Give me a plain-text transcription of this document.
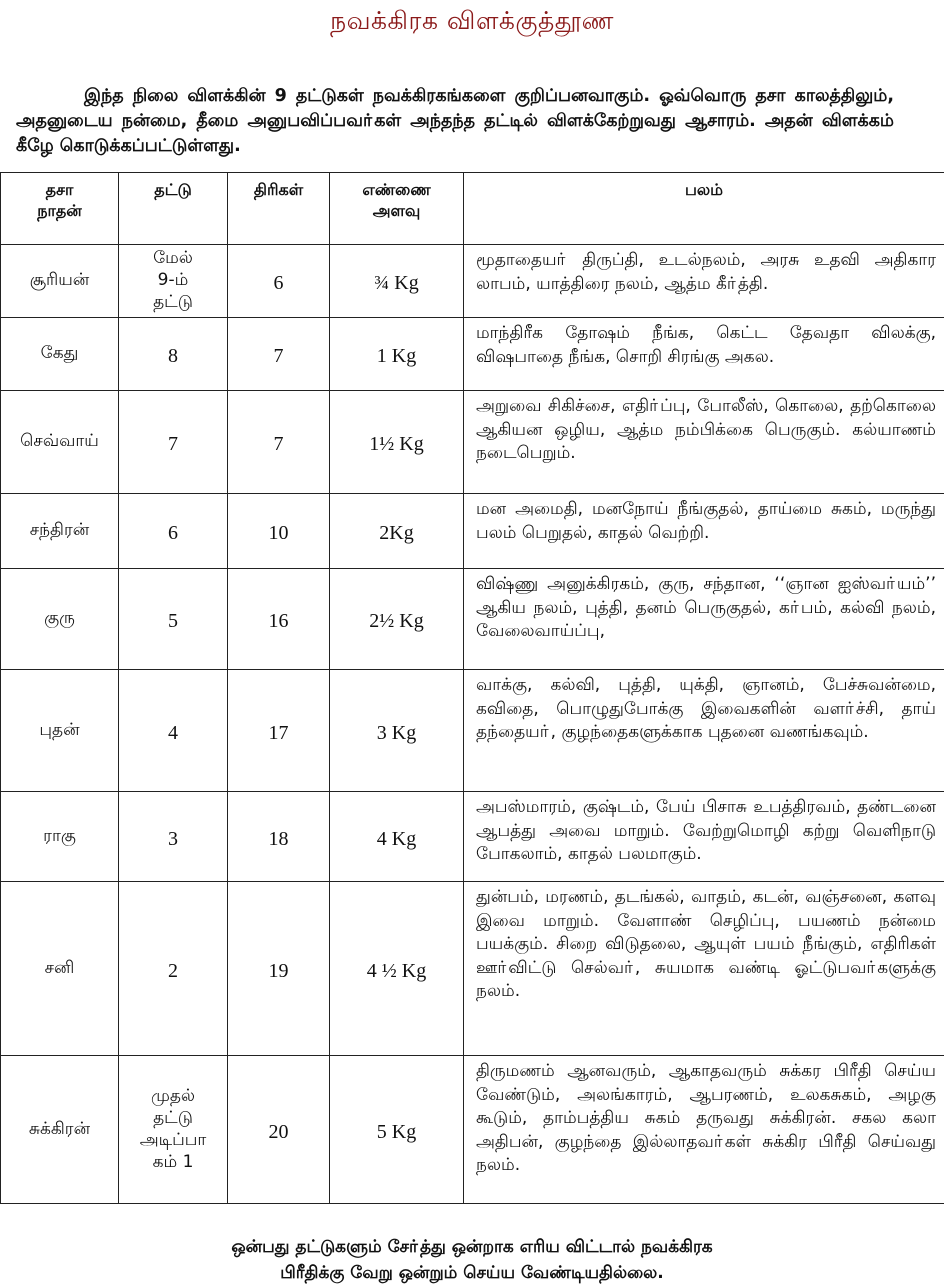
நவக்கிரக விளக்குத்தூண
இந்த நிலை விளக்கின் 9 தட்டுகள் நவக்கிரகங்களை குறிப்பனவாகும். ஓவ்வொரு தசா காலத்திலும், அதனுடைய நன்மை, தீமை அனுபவிப்பவா்கள் அந்தந்த தட்டில் விளக்கேற்றுவது ஆசாரம். அதன் விளக்கம் கீழே கொடுக்கப்பட்டுள்ளது.
தசா நாதன்	தட்டு	திரிகள்	எண்ணை அளவு	பலம்
சூரியன்	மேல் 9-ம் தட்டு	6	¾ Kg	மூதாதையா் திருப்தி, உடல்நலம், அரசு உதவி அதிகார லாபம், யாத்திரை நலம், ஆத்ம கீா்த்தி.
கேது	8	7	1 Kg	மாந்திரீக தோஷம் நீங்க, கெட்ட தேவதா விலக்கு, விஷபாதை நீங்க, சொறி சிரங்கு அகல.
செவ்வாய்	7	7	1½ Kg	அறுவை சிகிச்சை, எதிா்ப்பு, போலீஸ், கொலை, தற்கொலை ஆகியன ஒழிய, ஆத்ம நம்பிக்கை பெருகும். கல்யாணம் நடைபெறும்.
சந்திரன்	6	10	2Kg	மன அமைதி, மனநோய் நீங்குதல், தாய்மை சுகம், மருந்து பலம் பெறுதல், காதல் வெற்றி.
குரு	5	16	2½ Kg	விஷ்ணு அனுக்கிரகம், குரு, சந்தான, ‘‘ஞான ஐஸ்வா்யம்’’ ஆகிய நலம், புத்தி, தனம் பெருகுதல், கா்பம், கல்வி நலம், வேலைவாய்ப்பு,
புதன்	4	17	3 Kg	வாக்கு, கல்வி, புத்தி, யுக்தி, ஞானம், பேச்சுவன்மை, கவிதை, பொழுதுபோக்கு இவைகளின் வளா்ச்சி, தாய் தந்தையா், குழந்தைகளுக்காக புதனை வணங்கவும்.
ராகு	3	18	4 Kg	அபஸ்மாரம், குஷ்டம், பேய் பிசாசு உபத்திரவம், தண்டனை ஆபத்து அவை மாறும். வேற்றுமொழி கற்று வெளிநாடு போகலாம், காதல் பலமாகும்.
சனி	2	19	4 ½ Kg	துன்பம், மரணம், தடங்கல், வாதம், கடன், வஞ்சனை, களவு இவை மாறும். வேளாண் செழிப்பு, பயணம் நன்மை பயக்கும். சிறை விடுதலை, ஆயுள் பயம் நீங்கும், எதிரிகள் ஊா்விட்டு செல்வா், சுயமாக வண்டி ஓட்டுபவா்களுக்கு நலம்.
சுக்கிரன்	முதல் தட்டு அடிப்பா கம் 1	20	5 Kg	திருமணம் ஆனவரும், ஆகாதவரும் சுக்கர பிரீதி செய்ய வேண்டும், அலங்காரம், ஆபரணம், உலகசுகம், அழகு கூடும், தாம்பத்திய சுகம் தருவது சுக்கிரன். சகல கலா அதிபன், குழந்தை இல்லாதவா்கள் சுக்கிர பிரீதி செய்வது நலம்.
ஒன்பது தட்டுகளும் சோ்த்து ஒன்றாக எரிய விட்டால் நவக்கிரக
பிரீதிக்கு வேறு ஒன்றும் செய்ய வேண்டியதில்லை.
